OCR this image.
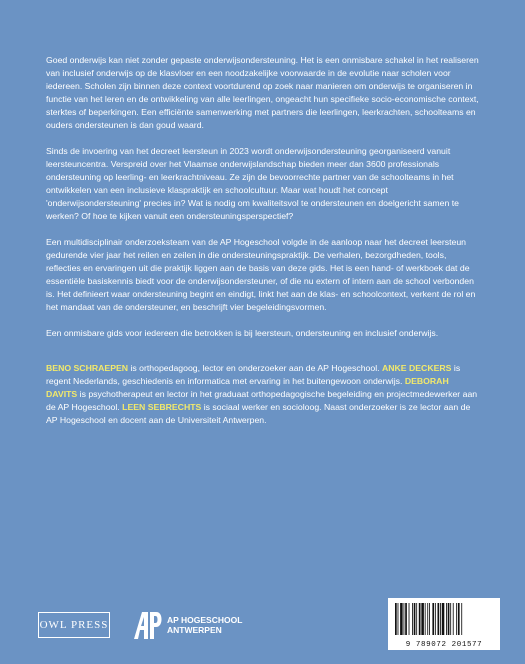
Goed onderwijs kan niet zonder gepaste onderwijsondersteuning. Het is een onmisbare schakel in het realiseren van inclusief onderwijs op de klasvloer en een noodzakelijke voorwaarde in de evolutie naar scholen voor iedereen. Scholen zijn binnen deze context voortdurend op zoek naar manieren om onderwijs te organiseren in functie van het leren en de ontwikkeling van alle leerlingen, ongeacht hun specifieke socio-economische context, sterktes of beperkingen. Een efficiënte samenwerking met partners die leerlingen, leerkrachten, schoolteams en ouders ondersteunen is dan goud waard.

Sinds de invoering van het decreet leersteun in 2023 wordt onderwijsondersteuning georganiseerd vanuit leersteuncentra. Verspreid over het Vlaamse onderwijslandschap bieden meer dan 3600 professionals ondersteuning op leerling- en leerkrachtniveau. Ze zijn de bevoorrechte partner van de schoolteams in het ontwikkelen van een inclusieve klaspraktijk en schoolcultuur. Maar wat houdt het concept 'onderwijsondersteuning' precies in? Wat is nodig om kwaliteitsvol te ondersteunen en doelgericht samen te werken? Of hoe te kijken vanuit een ondersteuningsperspectief?

Een multidisciplinair onderzoeksteam van de AP Hogeschool volgde in de aanloop naar het decreet leersteun gedurende vier jaar het reilen en zeilen in die ondersteuningspraktijk. De verhalen, bezorgdheden, tools, reflecties en ervaringen uit die praktijk liggen aan de basis van deze gids. Het is een hand- of werkboek dat de essentiële basiskennis biedt voor de onderwijsondersteuner, of die nu extern of intern aan de school verbonden is. Het definieert waar ondersteuning begint en eindigt, linkt het aan de klas- en schoolcontext, verkent de rol en het mandaat van de ondersteuner, en beschrijft vier begeleidingsvormen.

Een onmisbare gids voor iedereen die betrokken is bij leersteun, ondersteuning en inclusief onderwijs.

BENO SCHRAEPEN is orthopedagoog, lector en onderzoeker aan de AP Hogeschool. ANKE DECKERS is regent Nederlands, geschiedenis en informatica met ervaring in het buitengewoon onderwijs. DEBORAH DAVITS is psychotherapeut en lector in het graduaat orthopedagogische begeleiding en projectmedewerker aan de AP Hogeschool. LEEN SEBRECHTS is sociaal werker en socioloog. Naast onderzoeker is ze lector aan de AP Hogeschool en docent aan de Universiteit Antwerpen.

OWL PRESS	AP HOGESCHOOL
ANTWERPEN
9 789072 201577
